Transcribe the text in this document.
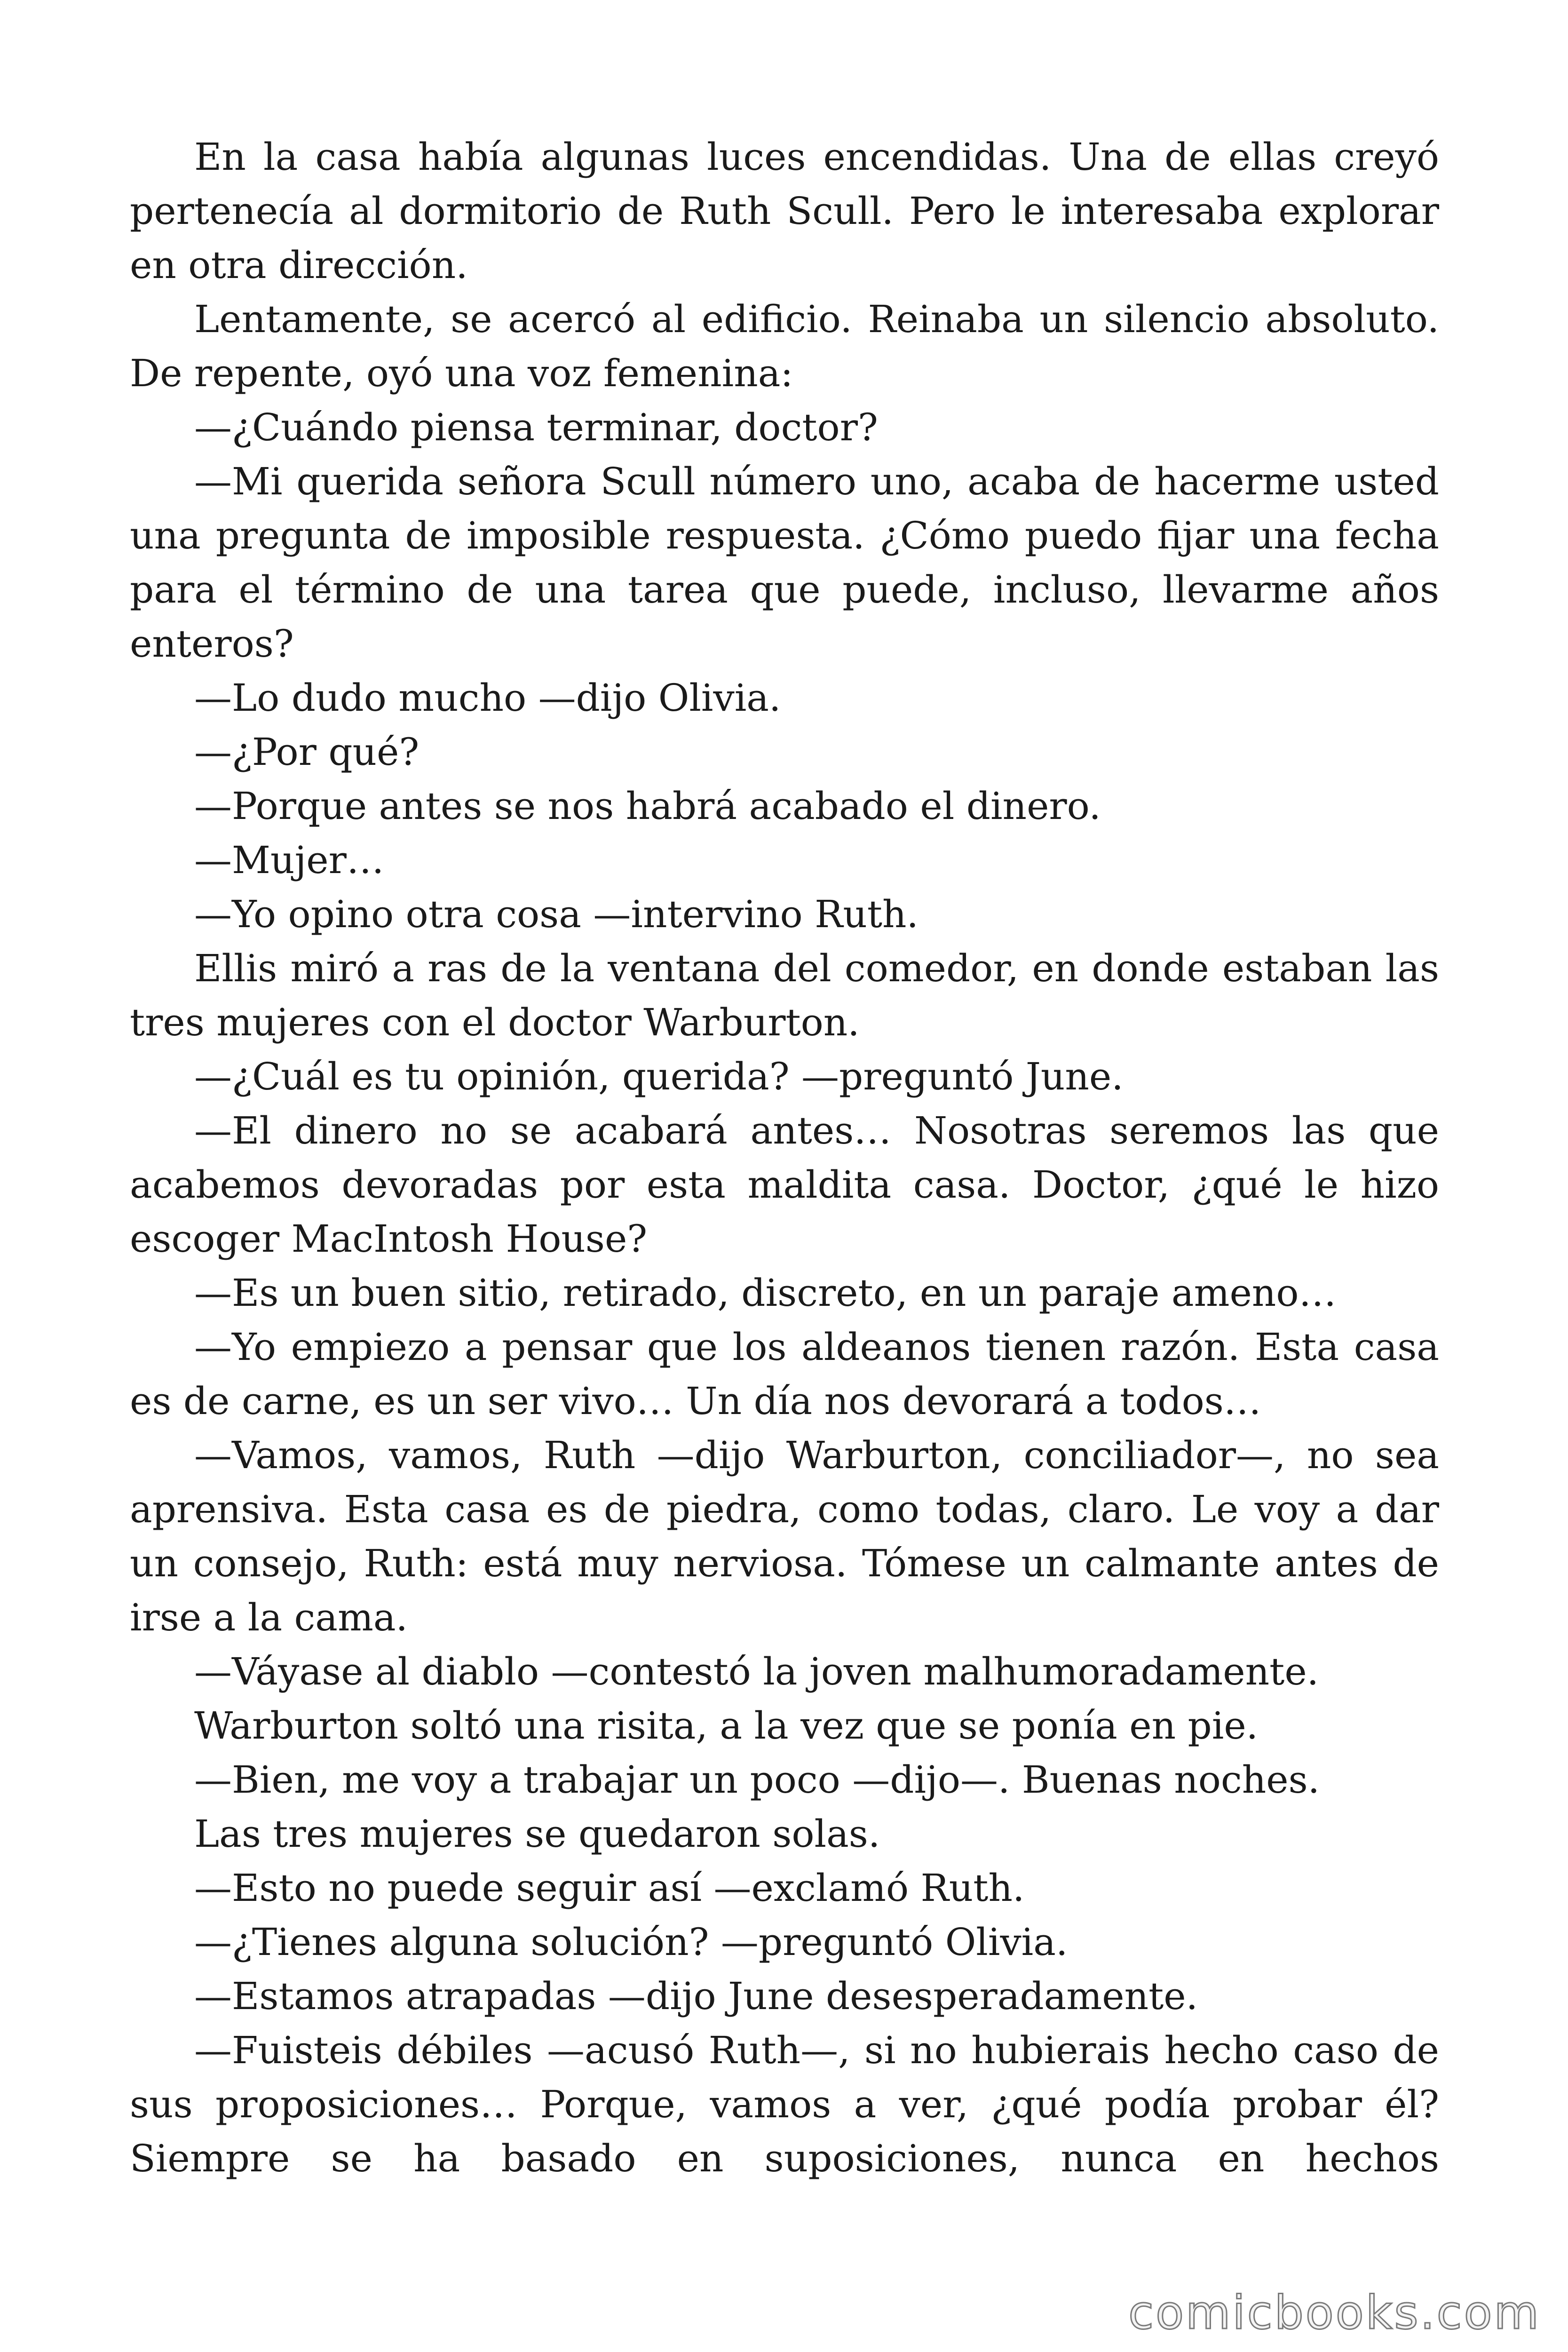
En la casa había algunas luces encendidas. Una de ellas creyó pertenecía al dormitorio de Ruth Scull. Pero le interesaba explorar en otra dirección.

Lentamente, se acercó al edificio. Reinaba un silencio absoluto. De repente, oyó una voz femenina:

—¿Cuándo piensa terminar, doctor?

—Mi querida señora Scull número uno, acaba de hacerme usted una pregunta de imposible respuesta. ¿Cómo puedo fijar una fecha para el término de una tarea que puede, incluso, llevarme años enteros?

—Lo dudo mucho —dijo Olivia.

—¿Por qué?

—Porque antes se nos habrá acabado el dinero.

—Mujer…

—Yo opino otra cosa —intervino Ruth.

Ellis miró a ras de la ventana del comedor, en donde estaban las tres mujeres con el doctor Warburton.

—¿Cuál es tu opinión, querida? —preguntó June.

—El dinero no se acabará antes… Nosotras seremos las que acabemos devoradas por esta maldita casa. Doctor, ¿qué le hizo escoger MacIntosh House?

—Es un buen sitio, retirado, discreto, en un paraje ameno…

—Yo empiezo a pensar que los aldeanos tienen razón. Esta casa es de carne, es un ser vivo… Un día nos devorará a todos…

—Vamos, vamos, Ruth —dijo Warburton, conciliador—, no sea aprensiva. Esta casa es de piedra, como todas, claro. Le voy a dar un consejo, Ruth: está muy nerviosa. Tómese un calmante antes de irse a la cama.

—Váyase al diablo —contestó la joven malhumoradamente.

Warburton soltó una risita, a la vez que se ponía en pie.

—Bien, me voy a trabajar un poco —dijo—. Buenas noches.

Las tres mujeres se quedaron solas.

—Esto no puede seguir así —exclamó Ruth.

—¿Tienes alguna solución? —preguntó Olivia.

—Estamos atrapadas —dijo June desesperadamente.

—Fuisteis débiles —acusó Ruth—, si no hubierais hecho caso de sus proposiciones… Porque, vamos a ver, ¿qué podía probar él? Siempre se ha basado en suposiciones, nunca en hechos

comicbooks.com
